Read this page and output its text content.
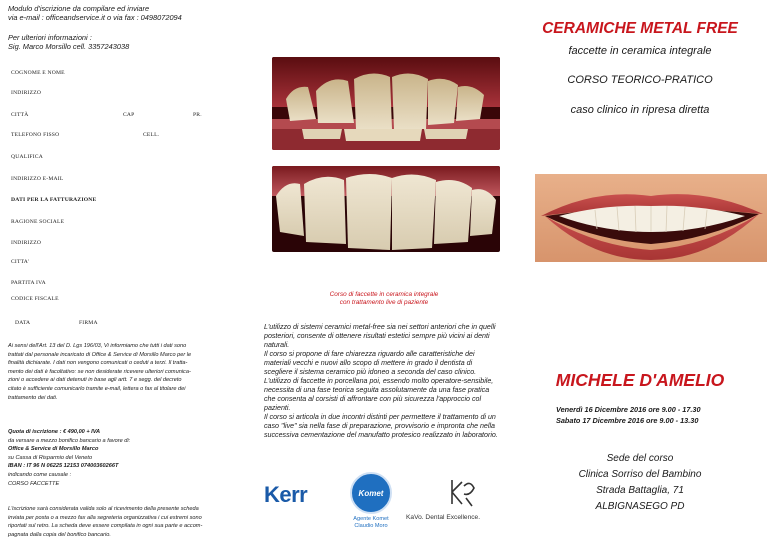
Modulo d'iscrizione da compilare ed inviare
via e-mail : officeandservice.it o via fax : 0498072094
Per ulteriori informazioni :
Sig. Marco Morsillo cell. 3357243038
COGNOME E NOME
INDIRIZZO
CITTÀ	CAP	PR.
TELEFONO FISSO	CELL.
QUALIFICA
INDIRIZZO E-MAIL
DATI PER LA FATTURAZIONE
RAGIONE SOCIALE
INDIRIZZO
CITTA'
PARTITA IVA
CODICE FISCALE
DATA	FIRMA
Ai sensi dell'Art. 13 del D. Lgs 196/03, Vi informiamo che tutti i dati sono
trattati dal personale incaricato di Office & Service di Morsillo Marco per le
finalità dichiarate. I dati non vengono comunicati o ceduti a terzi. Il tratta-
mento dei dati è facoltativo: se non desiderate ricevere ulteriori comunica-
zioni o accedere ai dati detenuti in base agli artt. 7 e segg. del decreto
citato è sufficiente comunicarlo tramite e-mail, lettera o fax al titolare dei
trattamento dei dati.
Quota di iscrizione : € 490,00 + IVA
da versare a mezzo bonifico bancario a favore di:
Office & Service di Morsillo Marco
su Cassa di Risparmio del Veneto
IBAN : IT 96 N 06225 12153 07400360266T
indicando come causale :
CORSO FACCETTE
L'iscrizione sarà considerata valida solo al ricevimento della presente scheda
inviata per posta o a mezzo fax alla segreteria organizzativa i cui estremi sono
riportati sul retro. La scheda deve essere compilata in ogni sua parte e accom-
pagnata dalla copia del bonifico bancario.
Corso di faccette in ceramica integrale
con trattamento live di paziente
L'utilizzo di sistemi ceramici metal-free sia nei settori anteriori che in quelli
posteriori, consente di ottenere risultati estetici sempre più vicini ai denti
naturali.
Il corso si propone di fare chiarezza riguardo alle caratteristiche dei
materiali vecchi e nuovi allo scopo di mettere in grado il dentista di
scegliere il sistema ceramico più idoneo a seconda del caso clinico.
L'utilizzo di faccette in porcellana poi, essendo molto operatore-sensibile,
necessita di una fase teorica seguita assolutamente da una fase pratica
che consenta al corsisti di affrontare con più sicurezza l'approccio col
pazienti.
Il corso si articola in due incontri distinti per permettere il trattamento di un
caso "live" sia nella fase di preparazione, provvisorio e impronta che nella
successiva cementazione del manufatto protesico realizzato in laboratorio.
Kerr	Komet
Agente Komet
Claudio Moro
KaVo. Dental Excellence.
CERAMICHE METAL FREE
faccette in ceramica integrale
CORSO TEORICO-PRATICO
caso clinico in ripresa diretta
MICHELE D'AMELIO
Venerdì 16 Dicembre 2016 ore 9.00 - 17.30
Sabato 17 Dicembre 2016 ore 9.00 - 13.30
Sede del corso
Clinica Sorriso del Bambino
Strada Battaglia, 71
ALBIGNASEGO PD
